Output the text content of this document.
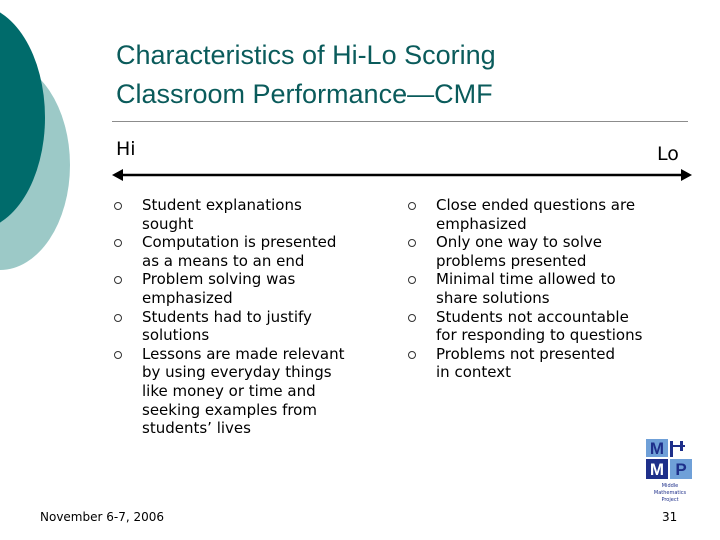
Characteristics of Hi-Lo Scoring
Classroom Performance—CMF
Hi	Lo
Student explanations
sought
Computation is presented
as a means to an end
Problem solving was
emphasized
Students had to justify
solutions
Lessons are made relevant
by using everyday things
like money or time and
seeking examples from
students’ lives
Close ended questions are
emphasized
Only one way to solve
problems presented
Minimal time allowed to
share solutions
Students not accountable
for responding to questions
Problems not presented
in context
November 6-7, 2006	31
M
M P
Middle
Mathematics
Project
